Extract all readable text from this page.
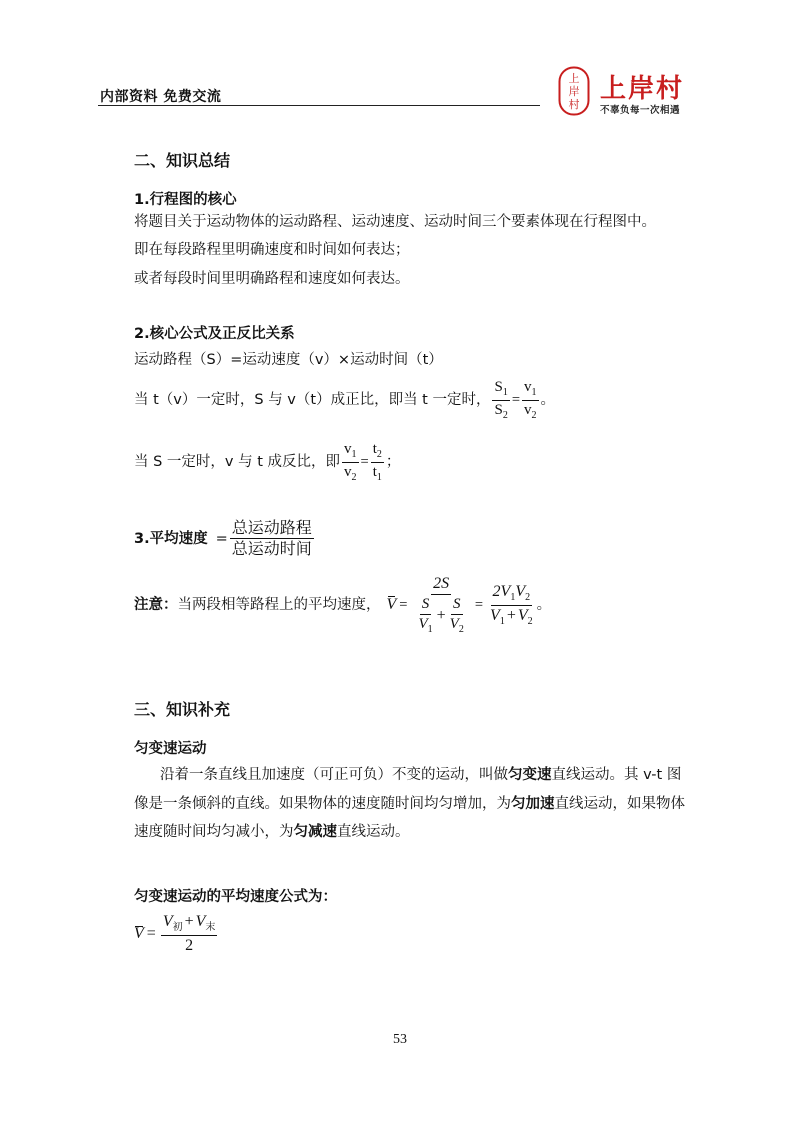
内部资料 免费交流
上
岸
村
上岸村
不辜负每一次相遇
二、知识总结
1.行程图的核心
将题目关于运动物体的运动路程、运动速度、运动时间三个要素体现在行程图中。
即在每段路程里明确速度和时间如何表达；
或者每段时间里明确路程和速度如何表达。
2.核心公式及正反比关系
运动路程（S）=运动速度（v）×运动时间（t）
当 t（v）一定时，S 与 v（t）成正比，即当 t 一定时， $\frac{S_1}{S_2} = \frac{v_1}{v_2}$ 。
当 S 一定时，v 与 t 成反比，即 $\frac{v_1}{v_2} = \frac{t_2}{t_1}$ ；
3.平均速度 = $\frac{\text{总运动路程}}{\text{总运动时间}}$
注意： 当两段相等路程上的平均速度， $V = \frac{2S}{\frac{S}{V_1} + \frac{S}{V_2}} = \frac{2V_1V_2}{V_1 + V_2}$ 。
三、知识补充
匀变速运动
沿着一条直线且加速度（可正可负）不变的运动，叫做匀变速直线运动。其 v-t 图
像是一条倾斜的直线。如果物体的速度随时间均匀增加，为匀加速直线运动，如果物体
速度随时间均匀减小，为匀减速直线运动。
匀变速运动的平均速度公式为：
$V = \frac{V_初 + V_末}{2}$
53
